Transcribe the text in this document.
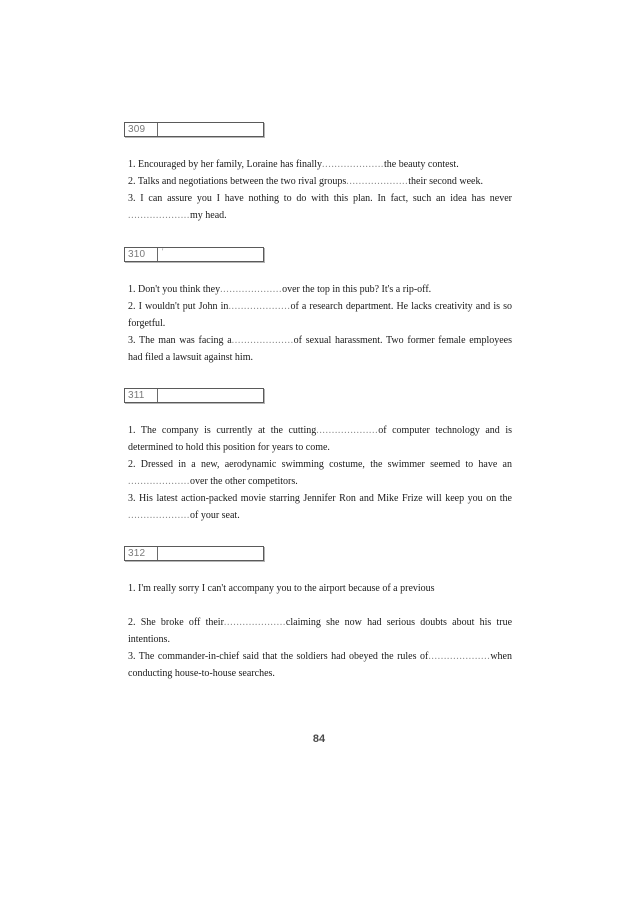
309

1. Encouraged by her family, Loraine has finally....................the beauty contest.

2. Talks and negotiations between the two rival groups....................their second week.

3. I can assure you I have nothing to do with this plan. In fact, such an idea has never ....................my head.

310	'

1. Don't you think they....................over the top in this pub? It's a rip-off.

2. I wouldn't put John in....................of a research department. He lacks creativity and is so forgetful.

3. The man was facing a....................of sexual harassment. Two former female employees had filed a lawsuit against him.

311

1. The company is currently at the cutting....................of computer technology and is determined to hold this position for years to come.

2. Dressed in a new, aerodynamic swimming costume, the swimmer seemed to have an ....................over the other competitors.

3. His latest action-packed movie starring Jennifer Ron and Mike Frize will keep you on the....................of your seat.

312

1. I'm really sorry I can't accompany you to the airport because of a previous

2. She broke off their....................claiming she now had serious doubts about his true intentions.

3. The commander-in-chief said that the soldiers had obeyed the rules of....................when conducting house-to-house searches.

84
